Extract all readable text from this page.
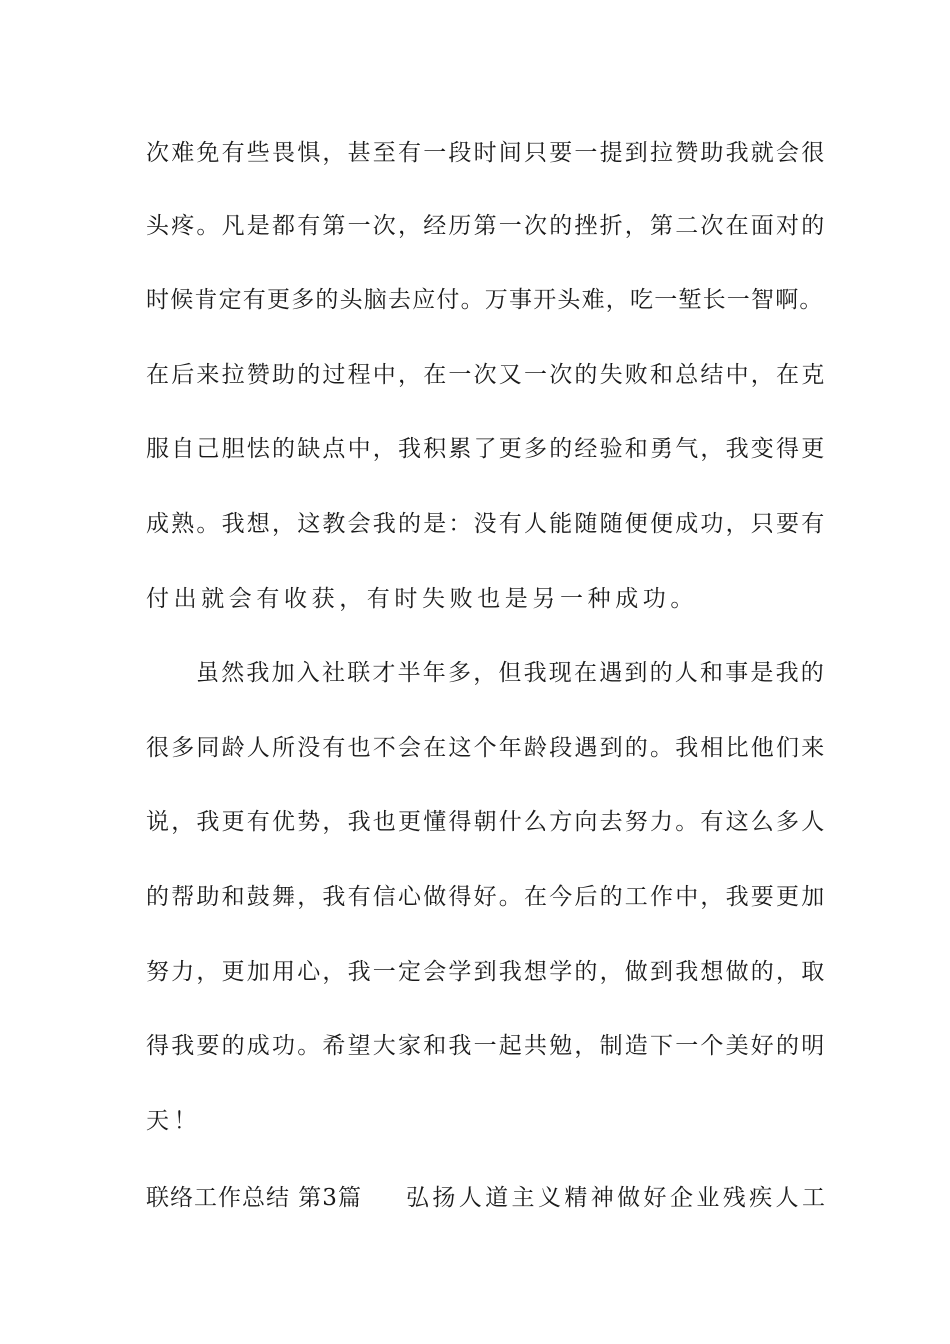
次难免有些畏惧，甚至有一段时间只要一提到拉赞助我就会很
头疼。凡是都有第一次，经历第一次的挫折，第二次在面对的
时候肯定有更多的头脑去应付。万事开头难，吃一堑长一智啊。
在后来拉赞助的过程中，在一次又一次的失败和总结中，在克
服自己胆怯的缺点中，我积累了更多的经验和勇气，我变得更
成熟。我想，这教会我的是：没有人能随随便便成功，只要有
付出就会有收获，有时失败也是另一种成功。
虽然我加入社联才半年多，但我现在遇到的人和事是我的
很多同龄人所没有也不会在这个年龄段遇到的。我相比他们来
说，我更有优势，我也更懂得朝什么方向去努力。有这么多人
的帮助和鼓舞，我有信心做得好。在今后的工作中，我要更加
努力，更加用心，我一定会学到我想学的，做到我想做的，取
得我要的成功。希望大家和我一起共勉，制造下一个美好的明
天！
联络工作总结 第3篇 弘扬人道主义精神做好企业残疾人工
